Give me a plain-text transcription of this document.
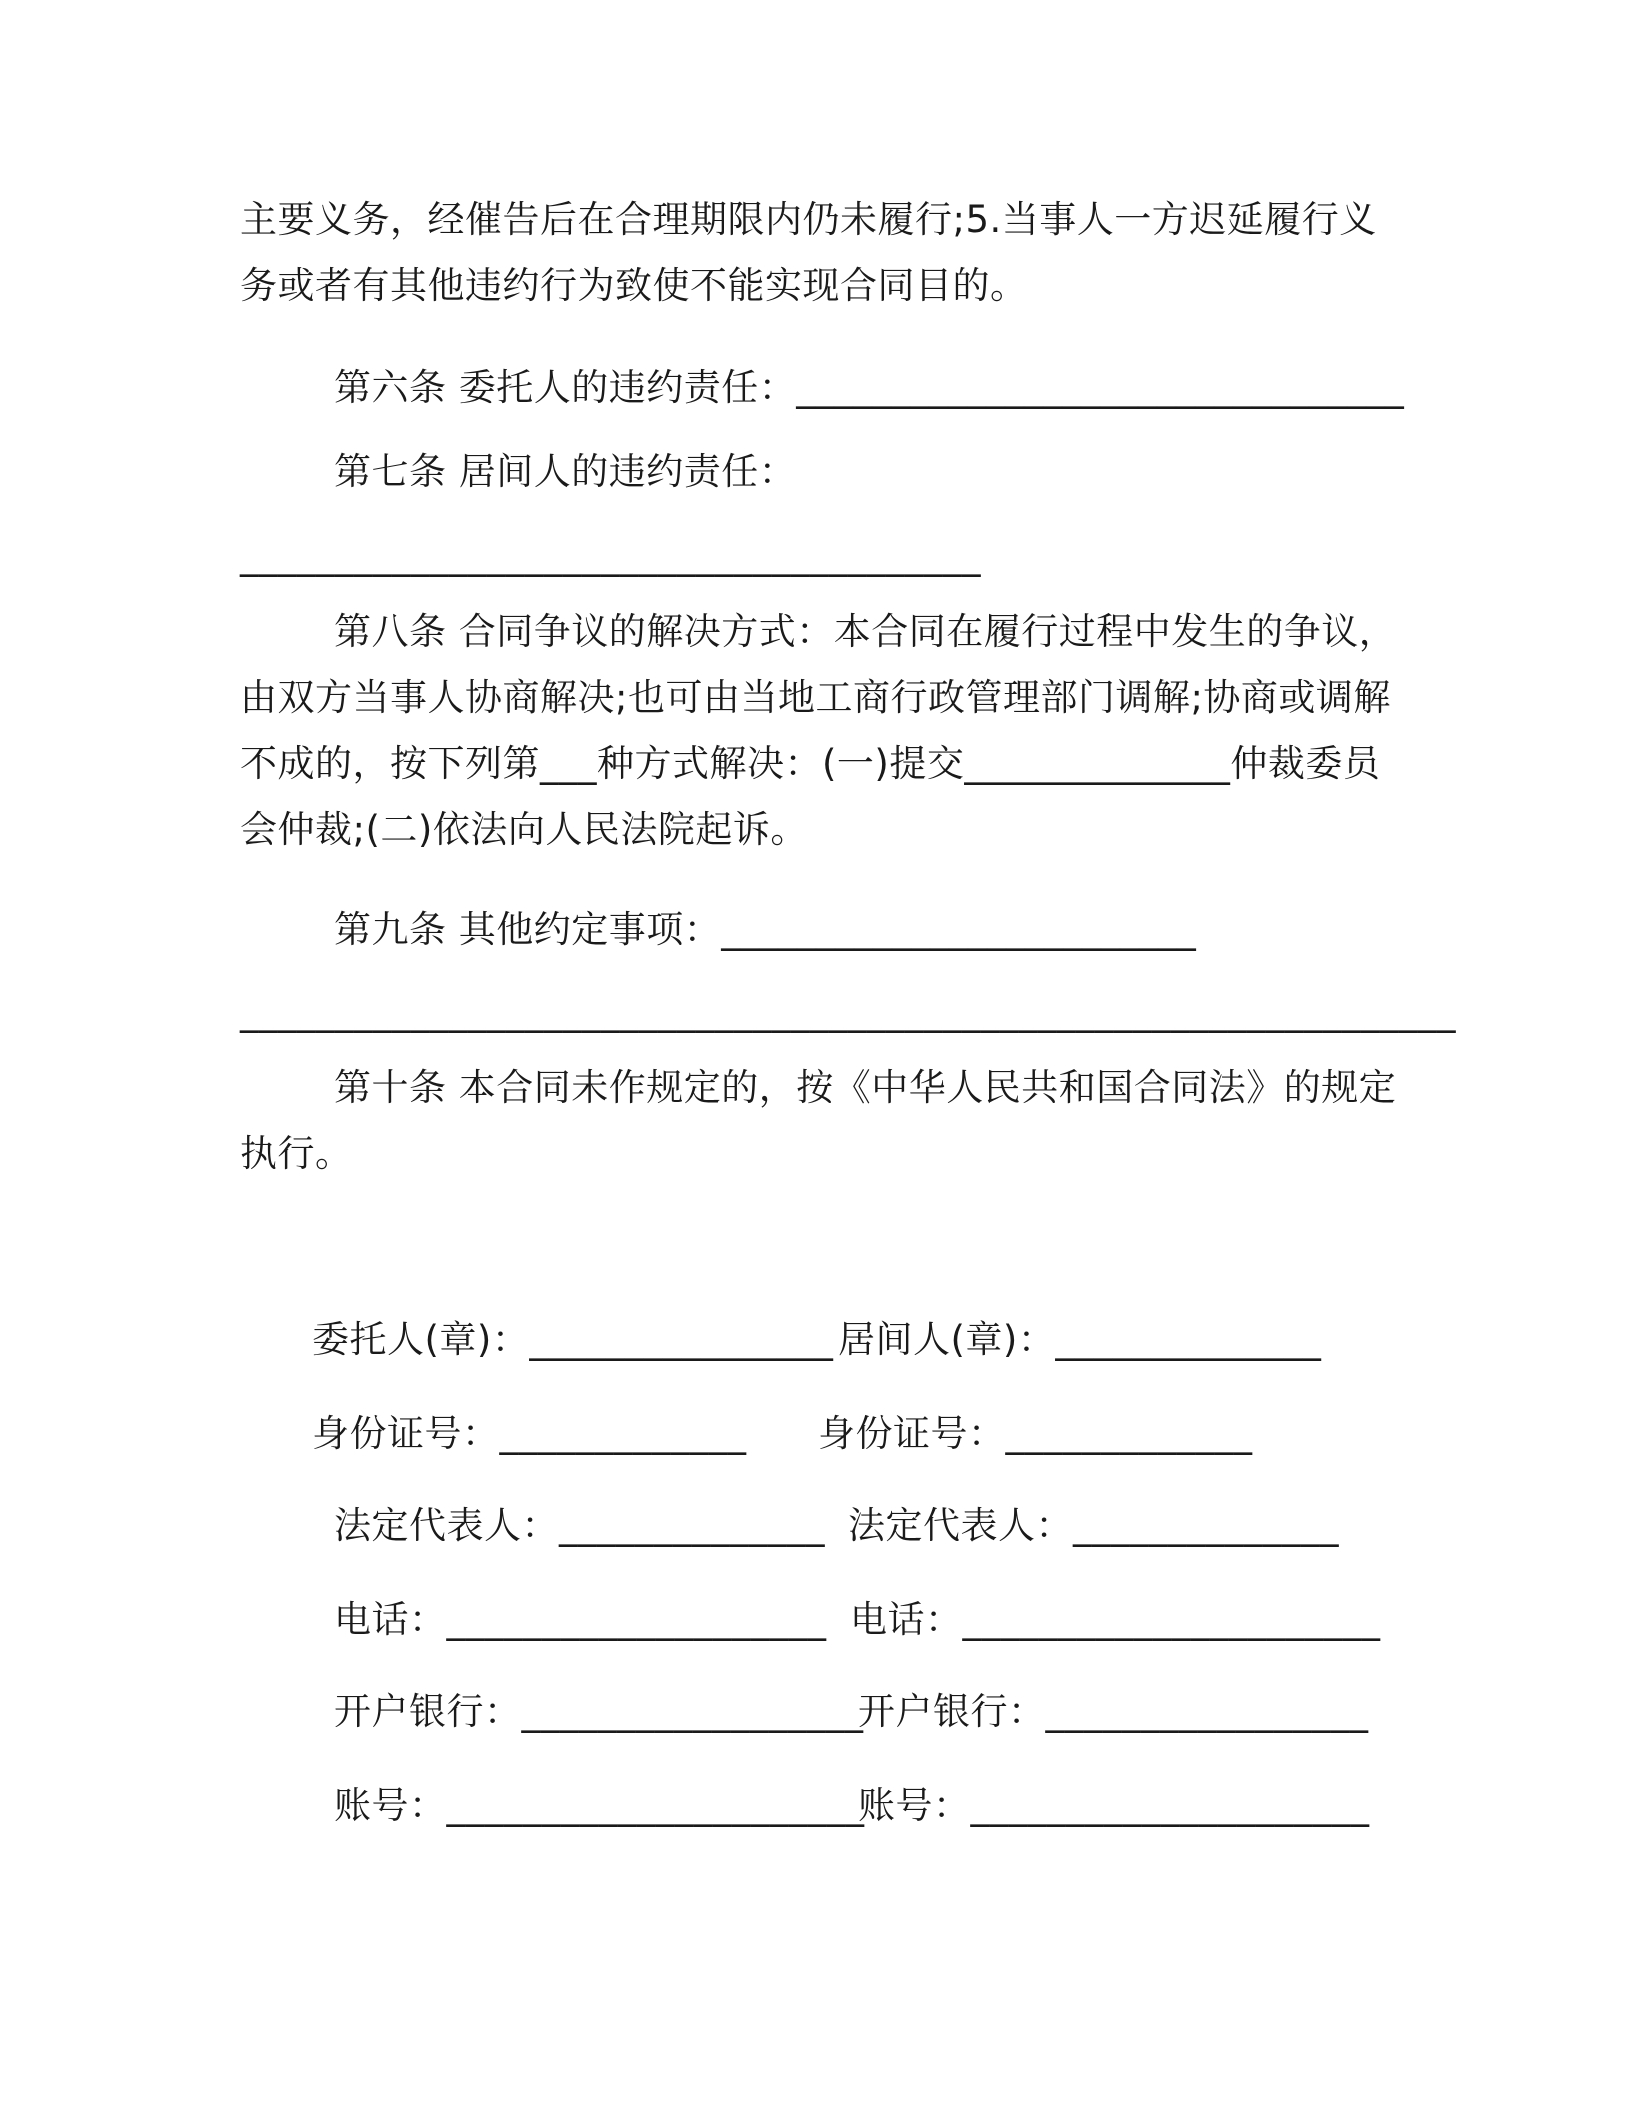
主要义务，经催告后在合理期限内仍未履行;5.当事人一方迟延履行义
务或者有其他违约行为致使不能实现合同目的。
第六条 委托人的违约责任：________________________________
第七条 居间人的违约责任：
_______________________________________
第八条 合同争议的解决方式：本合同在履行过程中发生的争议，
由双方当事人协商解决;也可由当地工商行政管理部门调解;协商或调解
不成的，按下列第___种方式解决：(一)提交______________仲裁委员
会仲裁;(二)依法向人民法院起诉。
第九条 其他约定事项：_________________________
________________________________________________________________
第十条 本合同未作规定的，按《中华人民共和国合同法》的规定
执行。
委托人(章)：________________ 居间人(章)：______________
身份证号：_____________ 身份证号：_____________
法定代表人：______________ 法定代表人：______________
电话：____________________ 电话：______________________
开户银行：__________________
开户银行：_________________
账号：______________________
账号：_____________________
